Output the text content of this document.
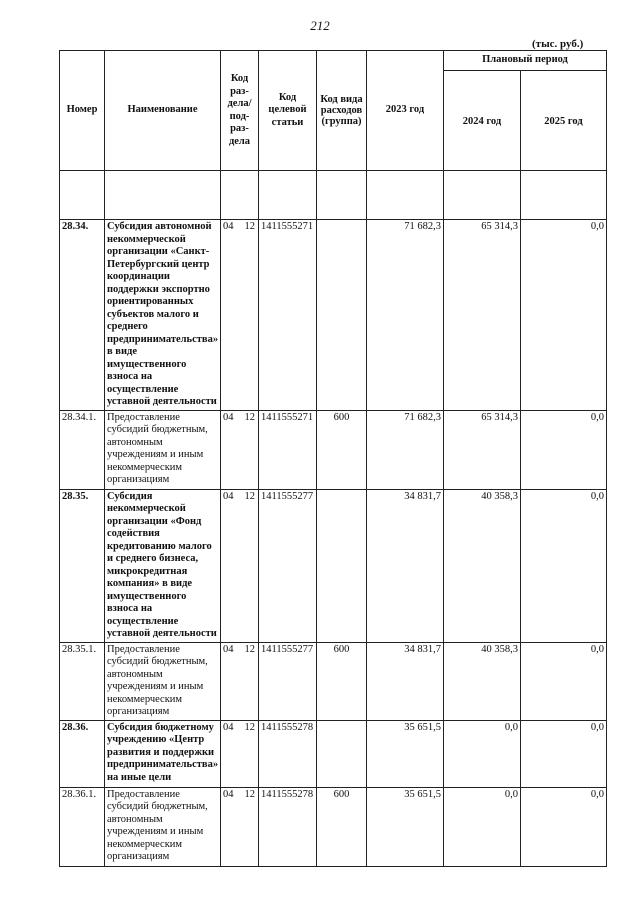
212
(тыс. руб.)
Номер	Наименование	Код раз-дела/ под-раз-дела	Код целевой статьи	Код вида расходов (группа)	2023 год	Плановый период	
						2024 год	2025 год

28.34.	Субсидия автономной некоммерческой организации «Санкт-Петербургский центр координации поддержки экспортно ориентированных субъектов малого и среднего предпринимательства» в виде имущественного взноса на осуществление уставной деятельности	04 12	1411555271		71 682,3	65 314,3	0,0
28.34.1.	Предоставление субсидий бюджетным, автономным учреждениям и иным некоммерческим организациям	04 12	1411555271	600	71 682,3	65 314,3	0,0
28.35.	Субсидия некоммерческой организации «Фонд содействия кредитованию малого и среднего бизнеса, микрокредитная компания» в виде имущественного взноса на осуществление уставной деятельности	04 12	1411555277		34 831,7	40 358,3	0,0
28.35.1.	Предоставление субсидий бюджетным, автономным учреждениям и иным некоммерческим организациям	04 12	1411555277	600	34 831,7	40 358,3	0,0
28.36.	Субсидия бюджетному учреждению «Центр развития и поддержки предпринимательства» на иные цели	04 12	1411555278		35 651,5	0,0	0,0
28.36.1.	Предоставление субсидий бюджетным, автономным учреждениям и иным некоммерческим организациям	04 12	1411555278	600	35 651,5	0,0	0,0
